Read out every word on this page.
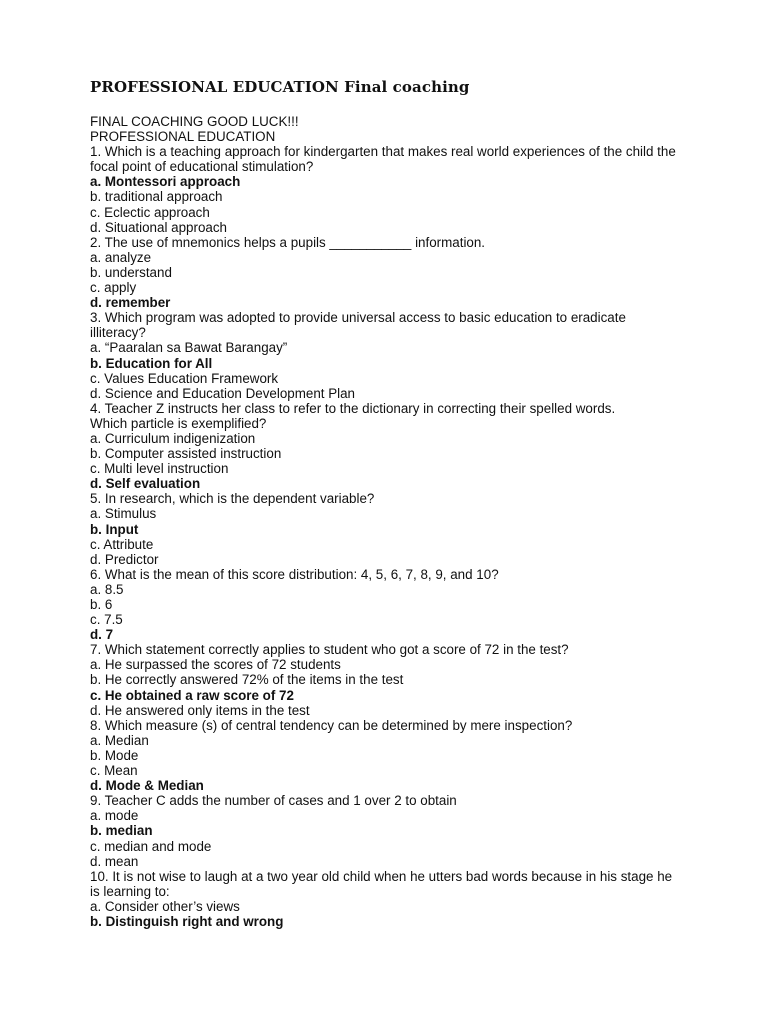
PROFESSIONAL EDUCATION Final coaching
FINAL COACHING GOOD LUCK!!!
PROFESSIONAL EDUCATION
1. Which is a teaching approach for kindergarten that makes real world experiences of the child the focal point of educational stimulation?
a. Montessori approach
b. traditional approach
c. Eclectic approach
d. Situational approach
2. The use of mnemonics helps a pupils ___________ information.
a. analyze
b. understand
c. apply
d. remember
3. Which program was adopted to provide universal access to basic education to eradicate illiteracy?
a. “Paaralan sa Bawat Barangay”
b. Education for All
c. Values Education Framework
d. Science and Education Development Plan
4. Teacher Z instructs her class to refer to the dictionary in correcting their spelled words.
Which particle is exemplified?
a. Curriculum indigenization
b. Computer assisted instruction
c. Multi level instruction
d. Self evaluation
5. In research, which is the dependent variable?
a. Stimulus
b. Input
c. Attribute
d. Predictor
6. What is the mean of this score distribution: 4, 5, 6, 7, 8, 9, and 10?
a. 8.5
b. 6
c. 7.5
d. 7
7. Which statement correctly applies to student who got a score of 72 in the test?
a. He surpassed the scores of 72 students
b. He correctly answered 72% of the items in the test
c. He obtained a raw score of 72
d. He answered only items in the test
8. Which measure (s) of central tendency can be determined by mere inspection?
a. Median
b. Mode
c. Mean
d. Mode & Median
9. Teacher C adds the number of cases and 1 over 2 to obtain
a. mode
b. median
c. median and mode
d. mean
10. It is not wise to laugh at a two year old child when he utters bad words because in his stage he is learning to:
a. Consider other’s views
b. Distinguish right and wrong
